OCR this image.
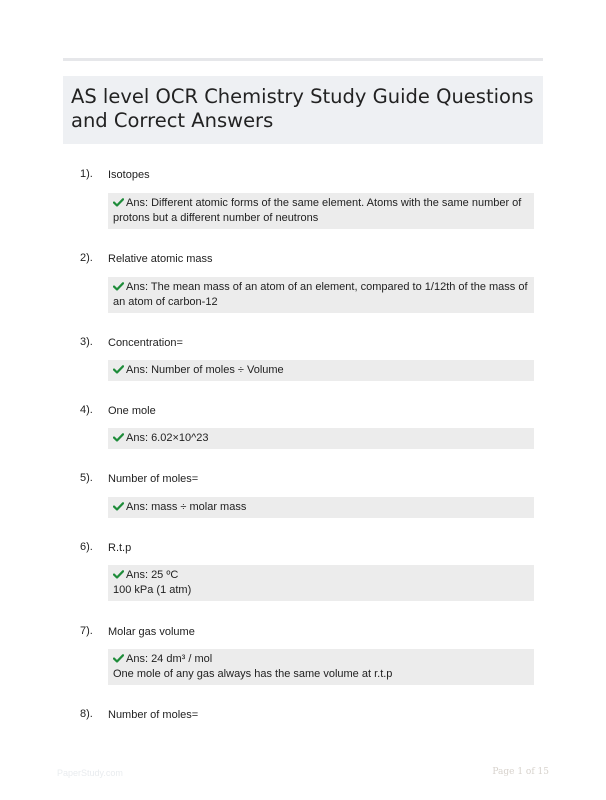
AS level OCR Chemistry Study Guide Questions
and Correct Answers
1). Isotopes
Ans: Different atomic forms of the same element. Atoms with the same number of
protons but a different number of neutrons
2). Relative atomic mass
Ans: The mean mass of an atom of an element, compared to 1/12th of the mass of
an atom of carbon-12
3). Concentration=
Ans: Number of moles ÷ Volume
4). One mole
Ans: 6.02×10^23
5). Number of moles=
Ans: mass ÷ molar mass
6). R.t.p
Ans: 25 ºC
100 kPa (1 atm)
7). Molar gas volume
Ans: 24 dm³ / mol
One mole of any gas always has the same volume at r.t.p
8). Number of moles=
PaperStudy.com	Page 1 of 15
